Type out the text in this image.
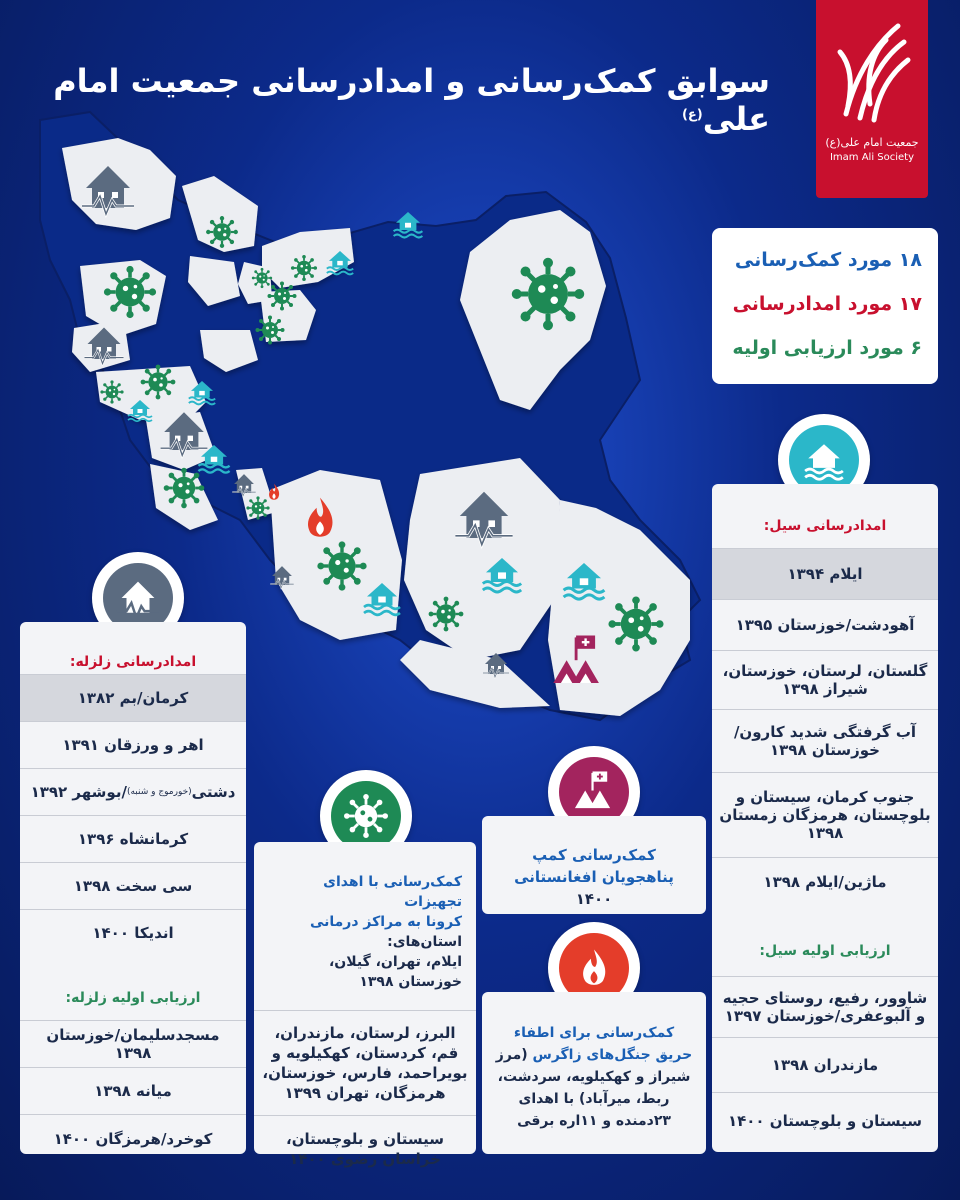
سوابق کمک‌رسانی و امدادرسانی جمعیت امام علی$^{(ع)}$
جمعیت امام علی(ع)
Imam Ali Society
۱۸ مورد کمک‌رسانی
۱۷ مورد امدادرسانی
۶ مورد ارزیابی اولیه
امدادرسانی سیل:
ایلام ۱۳۹۴
آهودشت/خوزستان ۱۳۹۵
گلستان، لرستان، خوزستان، شیراز ۱۳۹۸
آب گرفتگی شدید کارون/خوزستان ۱۳۹۸
جنوب کرمان، سیستان و بلوچستان، هرمزگان زمستان ۱۳۹۸
ماژین/ایلام ۱۳۹۸
ارزیابی اولیه سیل:
شاوور، رفیع، روستای حجیه و آلبوعفری/خوزستان ۱۳۹۷
مازندران ۱۳۹۸
سیستان و بلوچستان ۱۴۰۰
امدادرسانی زلزله:
کرمان/بم ۱۳۸۲
اهر و ورزقان ۱۳۹۱
دشتی
(خورموج و شنبه)
/بوشهر ۱۳۹۲
کرمانشاه ۱۳۹۶
سی سخت ۱۳۹۸
اندیکا ۱۴۰۰
ارزیابی اولیه زلزله:
مسجدسلیمان/خوزستان ۱۳۹۸
میانه ۱۳۹۸
کوخرد/هرمزگان ۱۴۰۰
کمک‌رسانی با اهدای تجهیزات
کرونا به مراکز درمانی استان‌های:
ایلام، تهران، گیلان، خوزستان ۱۳۹۸
البرز، لرستان، مازندران، قم، کردستان، کهکیلویه و بویراحمد، فارس، خوزستان، هرمزگان، تهران ۱۳۹۹
سیستان و بلوچستان، خراسان رضوی ۱۴۰۰
کمک‌رسانی کمپ پناهجویان افغانستانی
۱۴۰۰
کمک‌رسانی برای اطفاء حریق جنگل‌های زاگرس (مرز شیراز و کهکیلویه، سردشت، ربط، میرآباد) با اهدای ۲۳دمنده و ۱۱اره برقی
